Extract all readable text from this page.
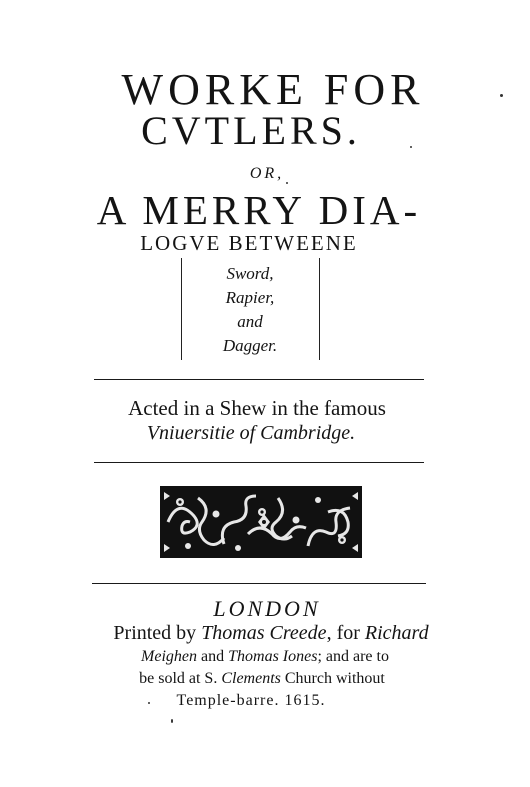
WORKE FOR
CVTLERS.
OR,
A MERRY DIA-
LOGVE BETWEENE
Sword,
Rapier,
and
Dagger.
Acted in a Shew in the famous
Vniuersitie of Cambridge.
LONDON
Printed by Thomas Creede, for Richard
Meighen and Thomas Iones; and are to
be sold at S. Clements Church without
Temple-barre. 1615.
